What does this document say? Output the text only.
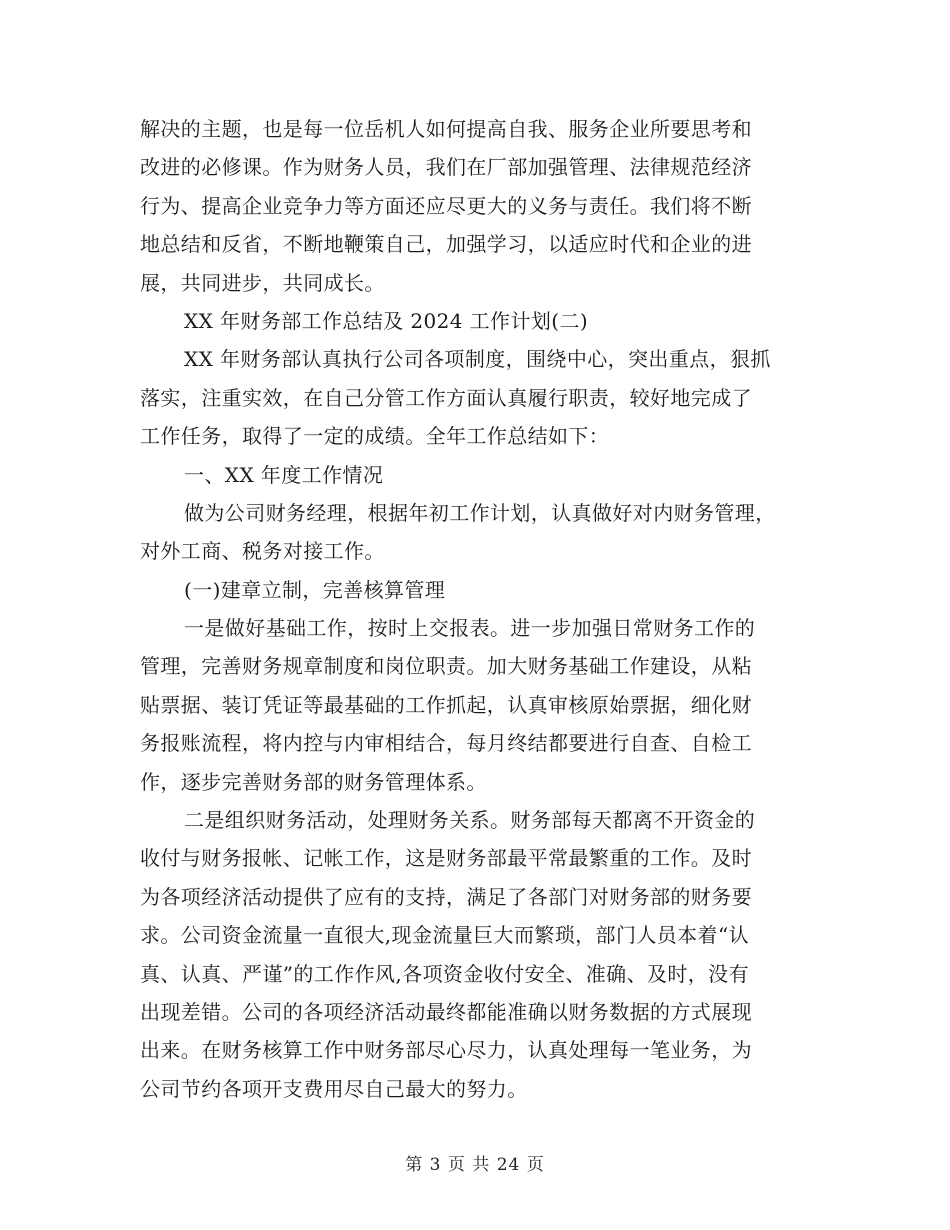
解决的主题，也是每一位岳机人如何提高自我、服务企业所要思考和
改进的必修课。作为财务人员，我们在厂部加强管理、法律规范经济
行为、提高企业竞争力等方面还应尽更大的义务与责任。我们将不断
地总结和反省，不断地鞭策自己，加强学习，以适应时代和企业的进
展，共同进步，共同成长。
XX 年财务部工作总结及 2024 工作计划(二)
XX 年财务部认真执行公司各项制度，围绕中心，突出重点，狠抓
落实，注重实效，在自己分管工作方面认真履行职责，较好地完成了
工作任务，取得了一定的成绩。全年工作总结如下：
一、XX 年度工作情况
做为公司财务经理，根据年初工作计划，认真做好对内财务管理，
对外工商、税务对接工作。
(一)建章立制，完善核算管理
一是做好基础工作，按时上交报表。进一步加强日常财务工作的
管理，完善财务规章制度和岗位职责。加大财务基础工作建设，从粘
贴票据、装订凭证等最基础的工作抓起，认真审核原始票据，细化财
务报账流程，将内控与内审相结合，每月终结都要进行自查、自检工
作，逐步完善财务部的财务管理体系。
二是组织财务活动，处理财务关系。财务部每天都离不开资金的
收付与财务报帐、记帐工作，这是财务部最平常最繁重的工作。及时
为各项经济活动提供了应有的支持，满足了各部门对财务部的财务要
求。公司资金流量一直很大,现金流量巨大而繁琐，部门人员本着“认
真、认真、严谨”的工作作风,各项资金收付安全、准确、及时，没有
出现差错。公司的各项经济活动最终都能准确以财务数据的方式展现
出来。在财务核算工作中财务部尽心尽力，认真处理每一笔业务，为
公司节约各项开支费用尽自己最大的努力。
第 3 页 共 24 页
